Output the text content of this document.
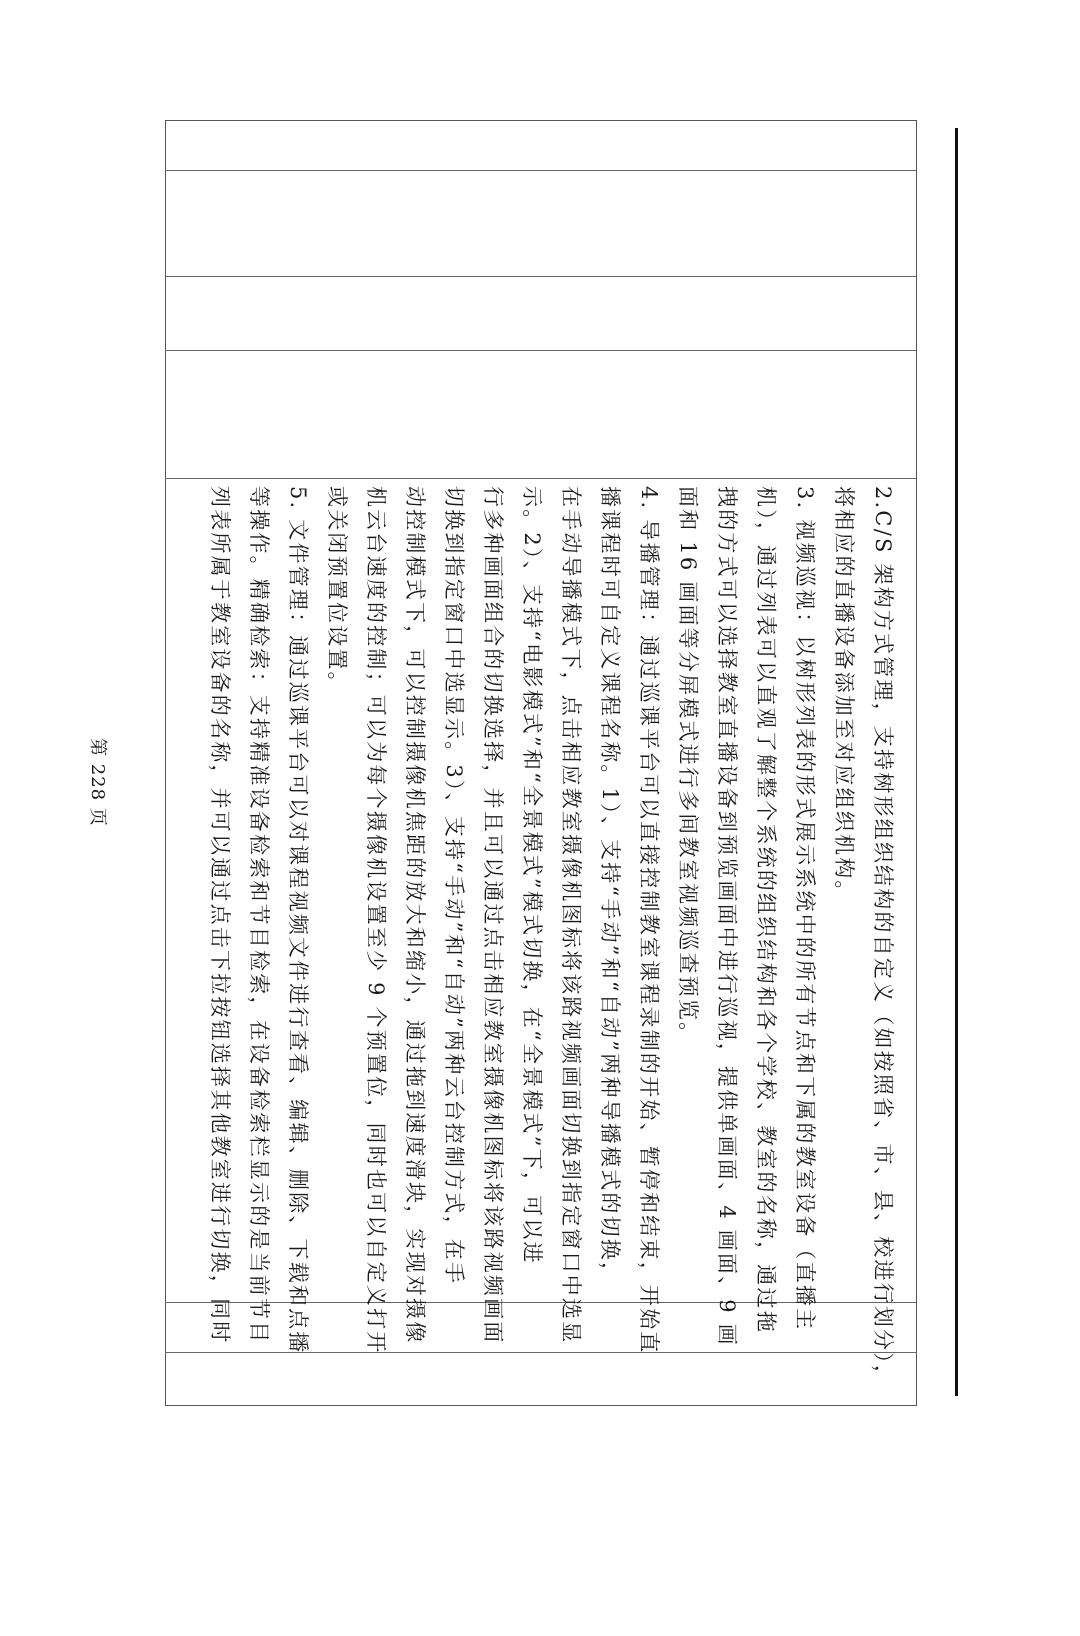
2.C/S 架构方式管理，支持树形组织结构的自定义（如按照省、市、县、校进行划分），
将相应的直播设备添加至对应组织机构。
3. 视频巡视：以树形列表的形式展示系统中的所有节点和下属的教室设备（直播主
机），通过列表可以直观了解整个系统的组织结构和各个学校、教室的名称，通过拖
拽的方式可以选择教室直播设备到预览画面中进行巡视，提供单画面、4 画面、9 画
面和 16 画面等分屏模式进行多间教室视频巡查预览。
4. 导播管理：通过巡课平台可以直接控制教室课程录制的开始、暂停和结束，开始直
播课程时可自定义课程名称。1）、支持“手动”和“自动”两种导播模式的切换，
在手动导播模式下，点击相应教室摄像机图标将该路视频画面切换到指定窗口中选显
示。2）、支持“电影模式”和“全景模式”模式切换，在“全景模式”下，可以进
行多种画面组合的切换选择，并且可以通过点击相应教室摄像机图标将该路视频画面
切换到指定窗口中选显示。3）、支持“手动”和“自动”两种云台控制方式，在手
动控制模式下，可以控制摄像机焦距的放大和缩小，通过拖到速度滑块，实现对摄像
机云台速度的控制；可以为每个摄像机设置至少 9 个预置位，同时也可以自定义打开
或关闭预置位设置。
5. 文件管理：通过巡课平台可以对课程视频文件进行查看、编辑、删除、下载和点播
等操作。精确检索：支持精准设备检索和节目检索，在设备检索栏显示的是当前节目
列表所属于教室设备的名称，并可以通过点击下拉按钮选择其他教室进行切换，同时
第 228 页
